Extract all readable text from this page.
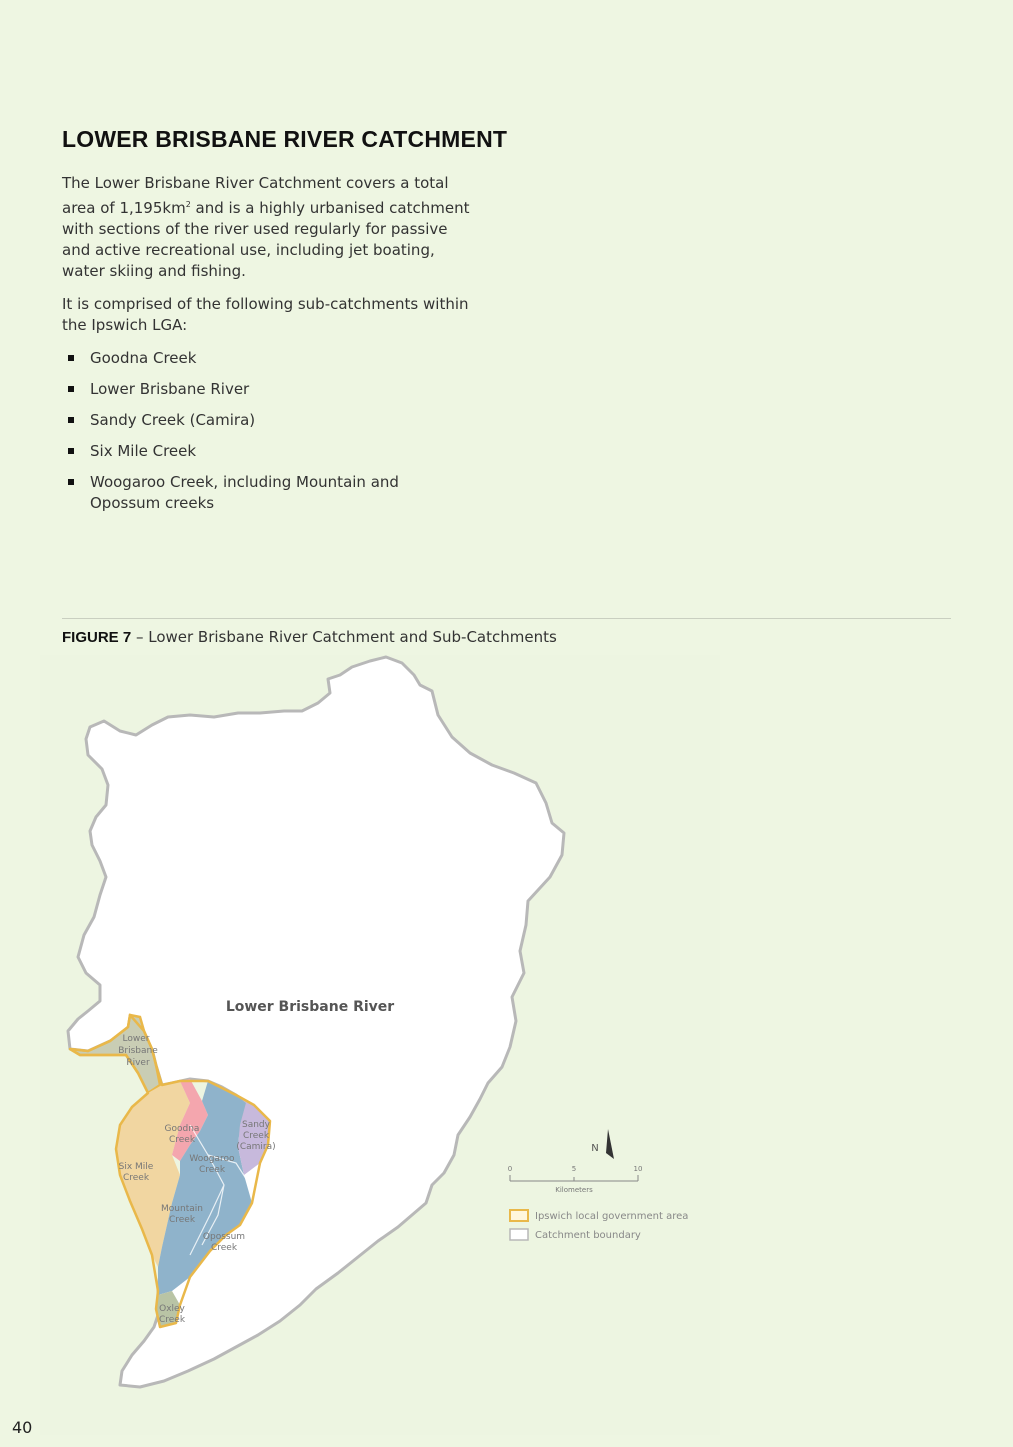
LOWER BRISBANE RIVER CATCHMENT

The Lower Brisbane River Catchment covers a total area of $1,195km^2$ and is a highly urbanised catchment with sections of the river used regularly for passive and active recreational use, including jet boating, water skiing and fishing.

It is comprised of the following sub-catchments within the Ipswich LGA:

Goodna Creek
Lower Brisbane River
Sandy Creek (Camira)
Six Mile Creek
Woogaroo Creek, including Mountain and Opossum creeks
FIGURE 7 – Lower Brisbane River Catchment and Sub-Catchments
Lower Brisbane River
Lower
Brisbane
River
Goodna
Creek
Sandy
Creek
(Camira)
Woogaroo
Creek
Six Mile
Creek
Mountain
Creek
Opossum
Creek
Oxley
Creek
N
0	5	10
Kilometers
Ipswich local government area
Catchment boundary
40
